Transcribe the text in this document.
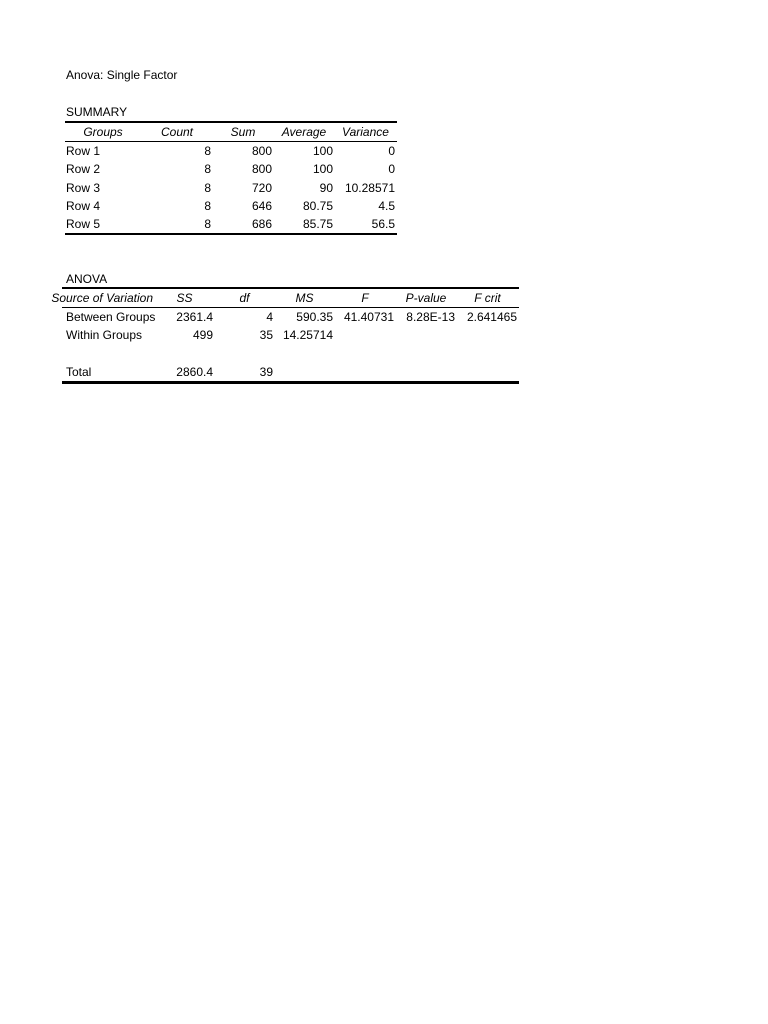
Anova: Single Factor
SUMMARY
Groups	Count	Sum	Average	Variance
Row 1	8	800	100	0
Row 2	8	800	100	0
Row 3	8	720	90	10.28571
Row 4	8	646	80.75	4.5
Row 5	8	686	85.75	56.5
ANOVA
Source of Variation	SS	df	MS	F	P-value	F crit
Between Groups	2361.4	4	590.35	41.40731	8.28E-13	2.641465
Within Groups	499	35	14.25714			

Total	2860.4	39				
